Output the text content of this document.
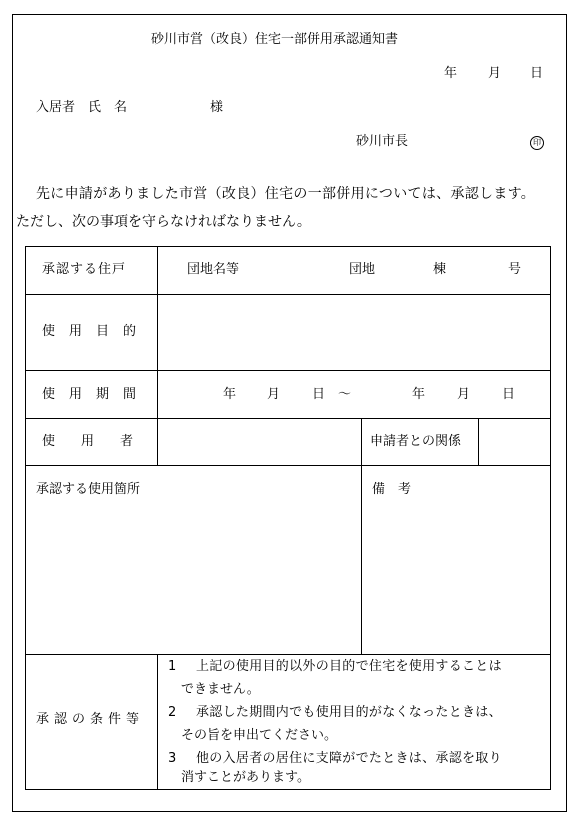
砂川市営（改良）住宅一部併用承認通知書
年 月 日
入居者　氏　名	様
砂川市長	印
先に申請がありました市営（改良）住宅の一部併用については、承認します。
ただし、次の事項を守らなければなりません。
承認する住戸	団地名等	団地	棟	号
使用目的
使用期間	年 月 日 ～	年 月 日
使用者	申請者との関係
承認する使用箇所	備　考
承認の条件等
1 上記の使用目的以外の目的で住宅を使用することは
できません。
2 承認した期間内でも使用目的がなくなったときは、
その旨を申出てください。
3 他の入居者の居住に支障がでたときは、承認を取り
消すことがあります。
